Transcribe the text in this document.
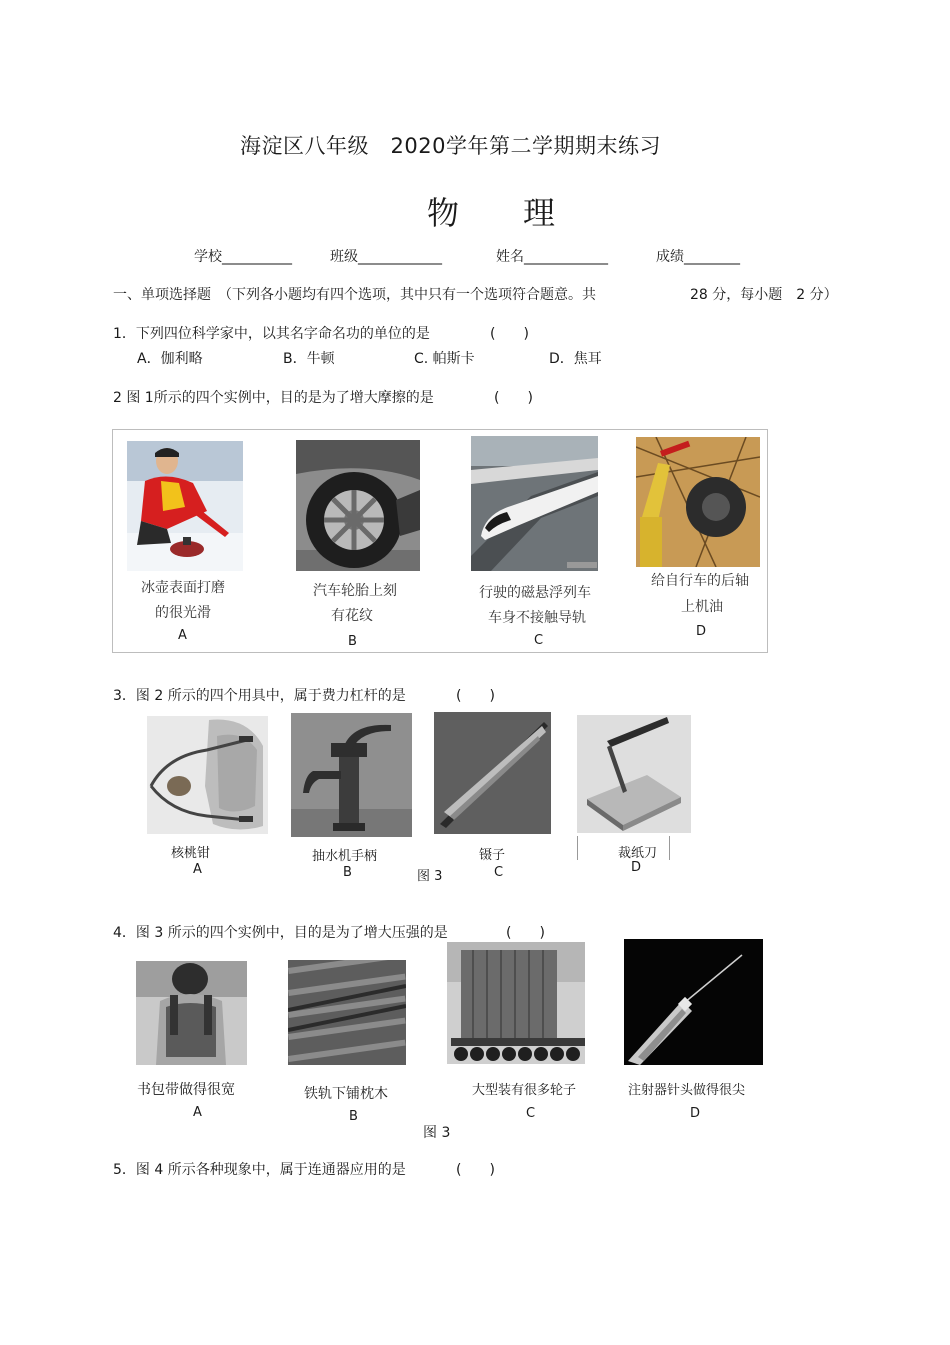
海淀区八年级　2020学年第二学期期末练习
物　　理
学校__________	班级____________	姓名____________	成绩________
一、单项选择题　（下列各小题均有四个选项，其中只有一个选项符合题意。共	28 分，每小题　2 分）
1．下列四位科学家中，以其名字命名功的单位的是	(　　)
A．伽利略	B．牛顿	C. 帕斯卡	D．焦耳
2 图 1所示的四个实例中，目的是为了增大摩擦的是	(　　)
冰壶表面打磨
的很光滑
A
汽车轮胎上刻
有花纹
B
行驶的磁悬浮列车
车身不接触导轨
C
给自行车的后轴
上机油
D
3．图 2 所示的四个用具中，属于费力杠杆的是	(　　)
核桃钳
A
抽水机手柄
B
镊子
C
图 3
裁纸刀
D
4．图 3 所示的四个实例中，目的是为了增大压强的是	(　　)
书包带做得很宽
A
铁轨下铺枕木
B
大型装有很多轮子
C
注射器针头做得很尖
D
图 3
5．图 4 所示各种现象中，属于连通器应用的是	(　　)
